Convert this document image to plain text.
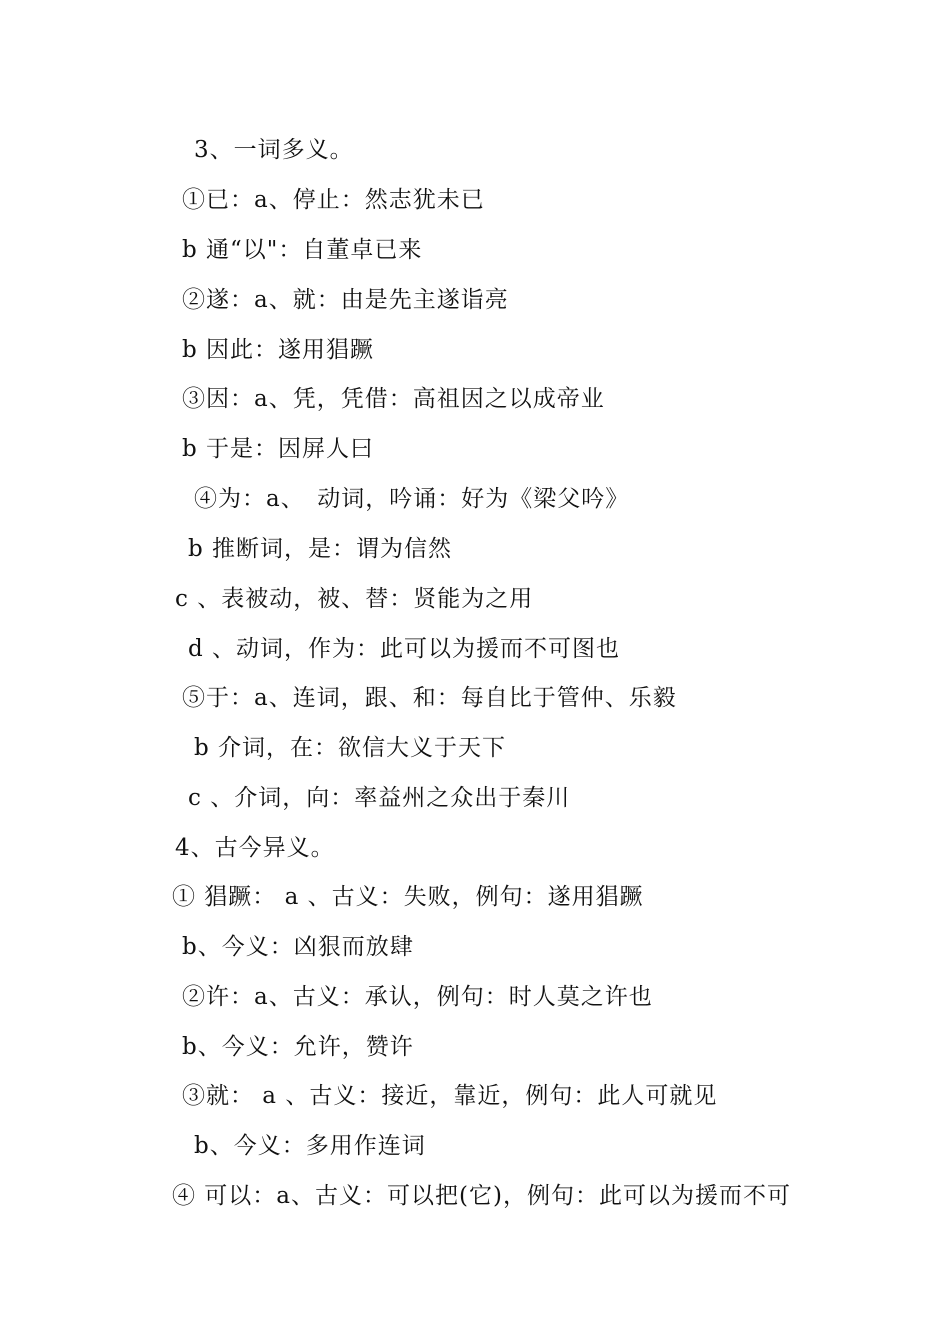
3、一词多义。
①已：a、停止：然志犹未已
b 通“以"：自董卓已来
②遂：a、就：由是先主遂诣亮
b 因此：遂用猖蹶
③因：a、凭，凭借：高祖因之以成帝业
b 于是：因屏人曰
④为：a、　动词，吟诵：好为《梁父吟》
b 推断词，是：谓为信然
c 、表被动，被、替：贤能为之用
d 、动词，作为：此可以为援而不可图也
⑤于：a、连词，跟、和：每自比于管仲、乐毅
b 介词，在：欲信大义于天下
c 、介词，向：率益州之众出于秦川
4、古今异义。
① 猖蹶： a 、古义：失败，例句：遂用猖蹶
b、今义：凶狠而放肆
②许：a、古义：承认，例句：时人莫之许也
b、今义：允许，赞许
③就： a 、古义：接近，靠近，例句：此人可就见
b、今义：多用作连词
④ 可以：a、古义：可以把(它)，例句：此可以为援而不可
